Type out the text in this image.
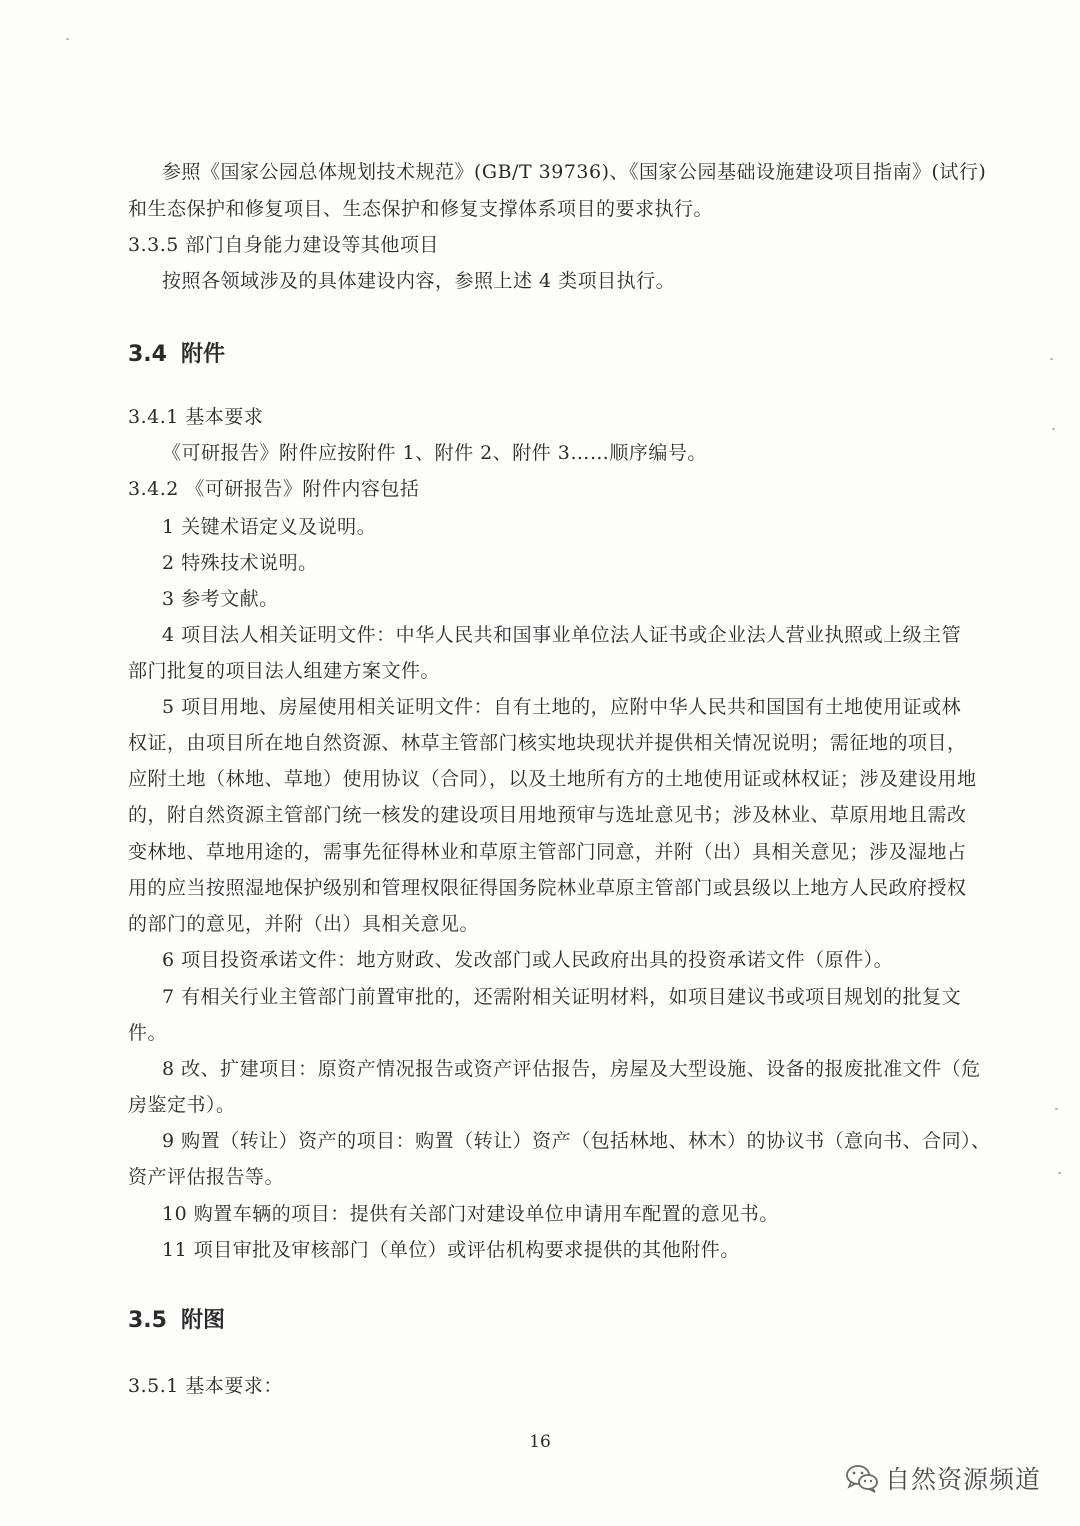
参照《国家公园总体规划技术规范》(GB/T 39736)、《国家公园基础设施建设项目指南》(试行)
和生态保护和修复项目、生态保护和修复支撑体系项目的要求执行。
3.3.5 部门自身能力建设等其他项目
按照各领域涉及的具体建设内容，参照上述 4 类项目执行。
3.4 附件
3.4.1 基本要求
《可研报告》附件应按附件 1、附件 2、附件 3……顺序编号。
3.4.2 《可研报告》附件内容包括
1 关键术语定义及说明。
2 特殊技术说明。
3 参考文献。
4 项目法人相关证明文件：中华人民共和国事业单位法人证书或企业法人营业执照或上级主管
部门批复的项目法人组建方案文件。
5 项目用地、房屋使用相关证明文件：自有土地的，应附中华人民共和国国有土地使用证或林
权证，由项目所在地自然资源、林草主管部门核实地块现状并提供相关情况说明；需征地的项目，
应附土地（林地、草地）使用协议（合同），以及土地所有方的土地使用证或林权证；涉及建设用地
的，附自然资源主管部门统一核发的建设项目用地预审与选址意见书；涉及林业、草原用地且需改
变林地、草地用途的，需事先征得林业和草原主管部门同意，并附（出）具相关意见；涉及湿地占
用的应当按照湿地保护级别和管理权限征得国务院林业草原主管部门或县级以上地方人民政府授权
的部门的意见，并附（出）具相关意见。
6 项目投资承诺文件：地方财政、发改部门或人民政府出具的投资承诺文件（原件）。
7 有相关行业主管部门前置审批的，还需附相关证明材料，如项目建议书或项目规划的批复文
件。
8 改、扩建项目：原资产情况报告或资产评估报告，房屋及大型设施、设备的报废批准文件（危
房鉴定书）。
9 购置（转让）资产的项目：购置（转让）资产（包括林地、林木）的协议书（意向书、合同）、
资产评估报告等。
10 购置车辆的项目：提供有关部门对建设单位申请用车配置的意见书。
11 项目审批及审核部门（单位）或评估机构要求提供的其他附件。
3.5 附图
3.5.1 基本要求：
16
自然资源频道
